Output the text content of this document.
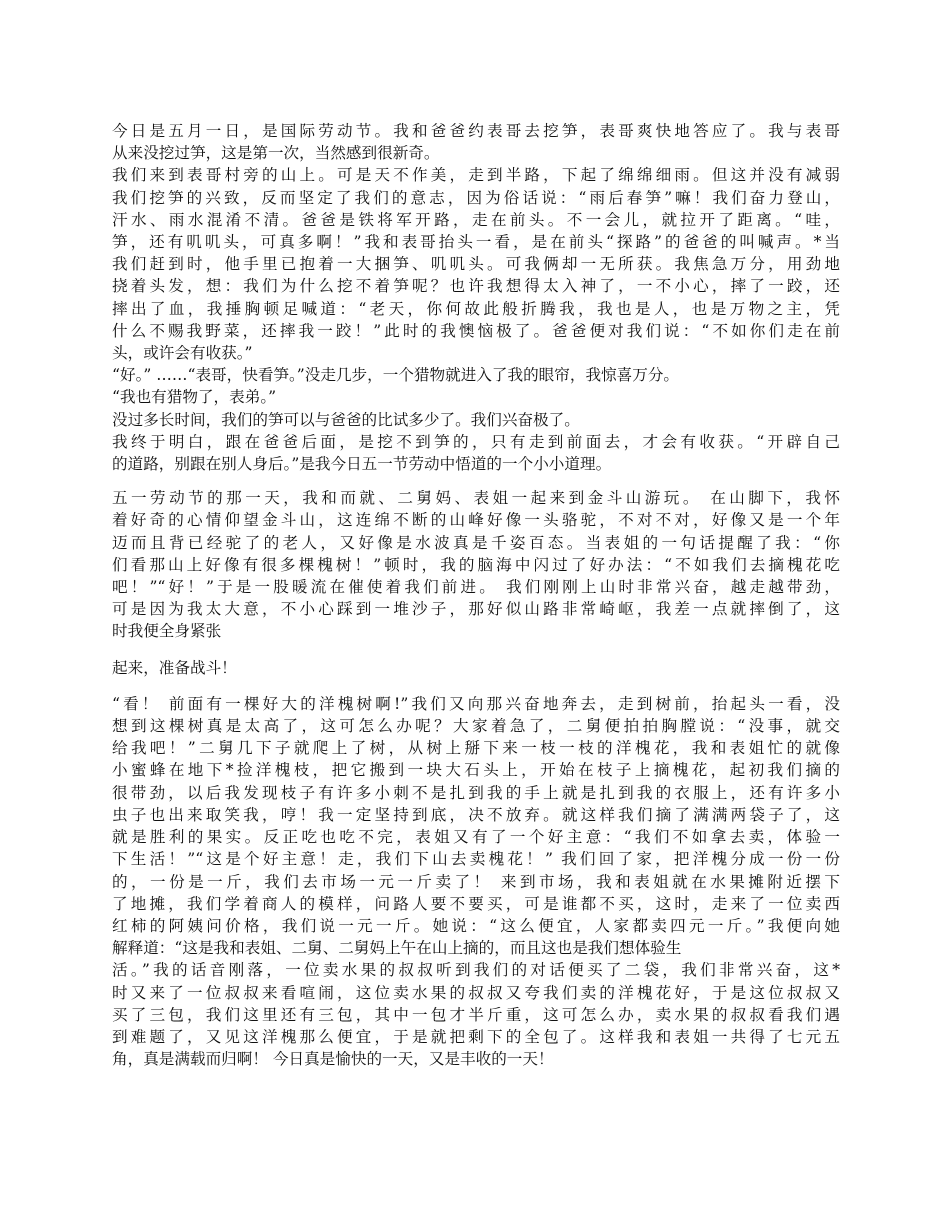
今日是五月一日，是国际劳动节。我和爸爸约表哥去挖笋，表哥爽快地答应了。我与表哥
从来没挖过笋，这是第一次，当然感到很新奇。
我们来到表哥村旁的山上。可是天不作美，走到半路，下起了绵绵细雨。但这并没有减弱
我们挖笋的兴致，反而坚定了我们的意志，因为俗话说：“雨后春笋”嘛！我们奋力登山，
汗水、雨水混淆不清。爸爸是铁将军开路，走在前头。不一会儿，就拉开了距离。“哇，
笋，还有叽叽头，可真多啊！”我和表哥抬头一看，是在前头“探路”的爸爸的叫喊声。*当
我们赶到时，他手里已抱着一大捆笋、叽叽头。可我俩却一无所获。我焦急万分，用劲地
挠着头发，想：我们为什么挖不着笋呢？也许我想得太入神了，一不小心，摔了一跤，还
摔出了血，我捶胸顿足喊道：“老天，你何故此般折腾我，我也是人，也是万物之主，凭
什么不赐我野菜，还摔我一跤！”此时的我懊恼极了。爸爸便对我们说：“不如你们走在前
头，或许会有收获。”
“好。” ……“表哥，快看笋。”没走几步，一个猎物就进入了我的眼帘，我惊喜万分。
“我也有猎物了，表弟。”
没过多长时间，我们的笋可以与爸爸的比试多少了。我们兴奋极了。
我终于明白，跟在爸爸后面，是挖不到笋的，只有走到前面去，才会有收获。“开辟自己
的道路，别跟在别人身后。”是我今日五一节劳动中悟道的一个小小道理。
五一劳动节的那一天，我和而就、二舅妈、表姐一起来到金斗山游玩。 在山脚下，我怀
着好奇的心情仰望金斗山，这连绵不断的山峰好像一头骆驼，不对不对，好像又是一个年
迈而且背已经驼了的老人，又好像是水波真是千姿百态。当表姐的一句话提醒了我：“你
们看那山上好像有很多棵槐树！”顿时，我的脑海中闪过了好办法：“不如我们去摘槐花吃
吧！”“好！”于是一股暖流在催使着我们前进。 我们刚刚上山时非常兴奋，越走越带劲，
可是因为我太大意，不小心踩到一堆沙子，那好似山路非常崎岖，我差一点就摔倒了，这
时我便全身紧张
起来，准备战斗！
“看！ 前面有一棵好大的洋槐树啊!”我们又向那兴奋地奔去，走到树前，抬起头一看，没
想到这棵树真是太高了，这可怎么办呢？大家着急了，二舅便拍拍胸膛说：“没事，就交
给我吧！”二舅几下子就爬上了树，从树上掰下来一枝一枝的洋槐花，我和表姐忙的就像
小蜜蜂在地下*捡洋槐枝，把它搬到一块大石头上，开始在枝子上摘槐花，起初我们摘的
很带劲，以后我发现枝子有许多小刺不是扎到我的手上就是扎到我的衣服上，还有许多小
虫子也出来取笑我，哼！我一定坚持到底，决不放弃。就这样我们摘了满满两袋子了，这
就是胜利的果实。反正吃也吃不完，表姐又有了一个好主意：“我们不如拿去卖，体验一
下生活！”“这是个好主意！走，我们下山去卖槐花！” 我们回了家，把洋槐分成一份一份
的，一份是一斤，我们去市场一元一斤卖了！ 来到市场，我和表姐就在水果摊附近摆下
了地摊，我们学着商人的模样，问路人要不要买，可是谁都不买，这时，走来了一位卖西
红柿的阿姨问价格，我们说一元一斤。她说：“这么便宜，人家都卖四元一斤。”我便向她
解释道：“这是我和表姐、二舅、二舅妈上午在山上摘的，而且这也是我们想体验生
活。”我的话音刚落，一位卖水果的叔叔听到我们的对话便买了二袋，我们非常兴奋，这*
时又来了一位叔叔来看喧闹，这位卖水果的叔叔又夸我们卖的洋槐花好，于是这位叔叔又
买了三包，我们这里还有三包，其中一包才半斤重，这可怎么办，卖水果的叔叔看我们遇
到难题了，又见这洋槐那么便宜，于是就把剩下的全包了。这样我和表姐一共得了七元五
角，真是满载而归啊！ 今日真是愉快的一天，又是丰收的一天！
